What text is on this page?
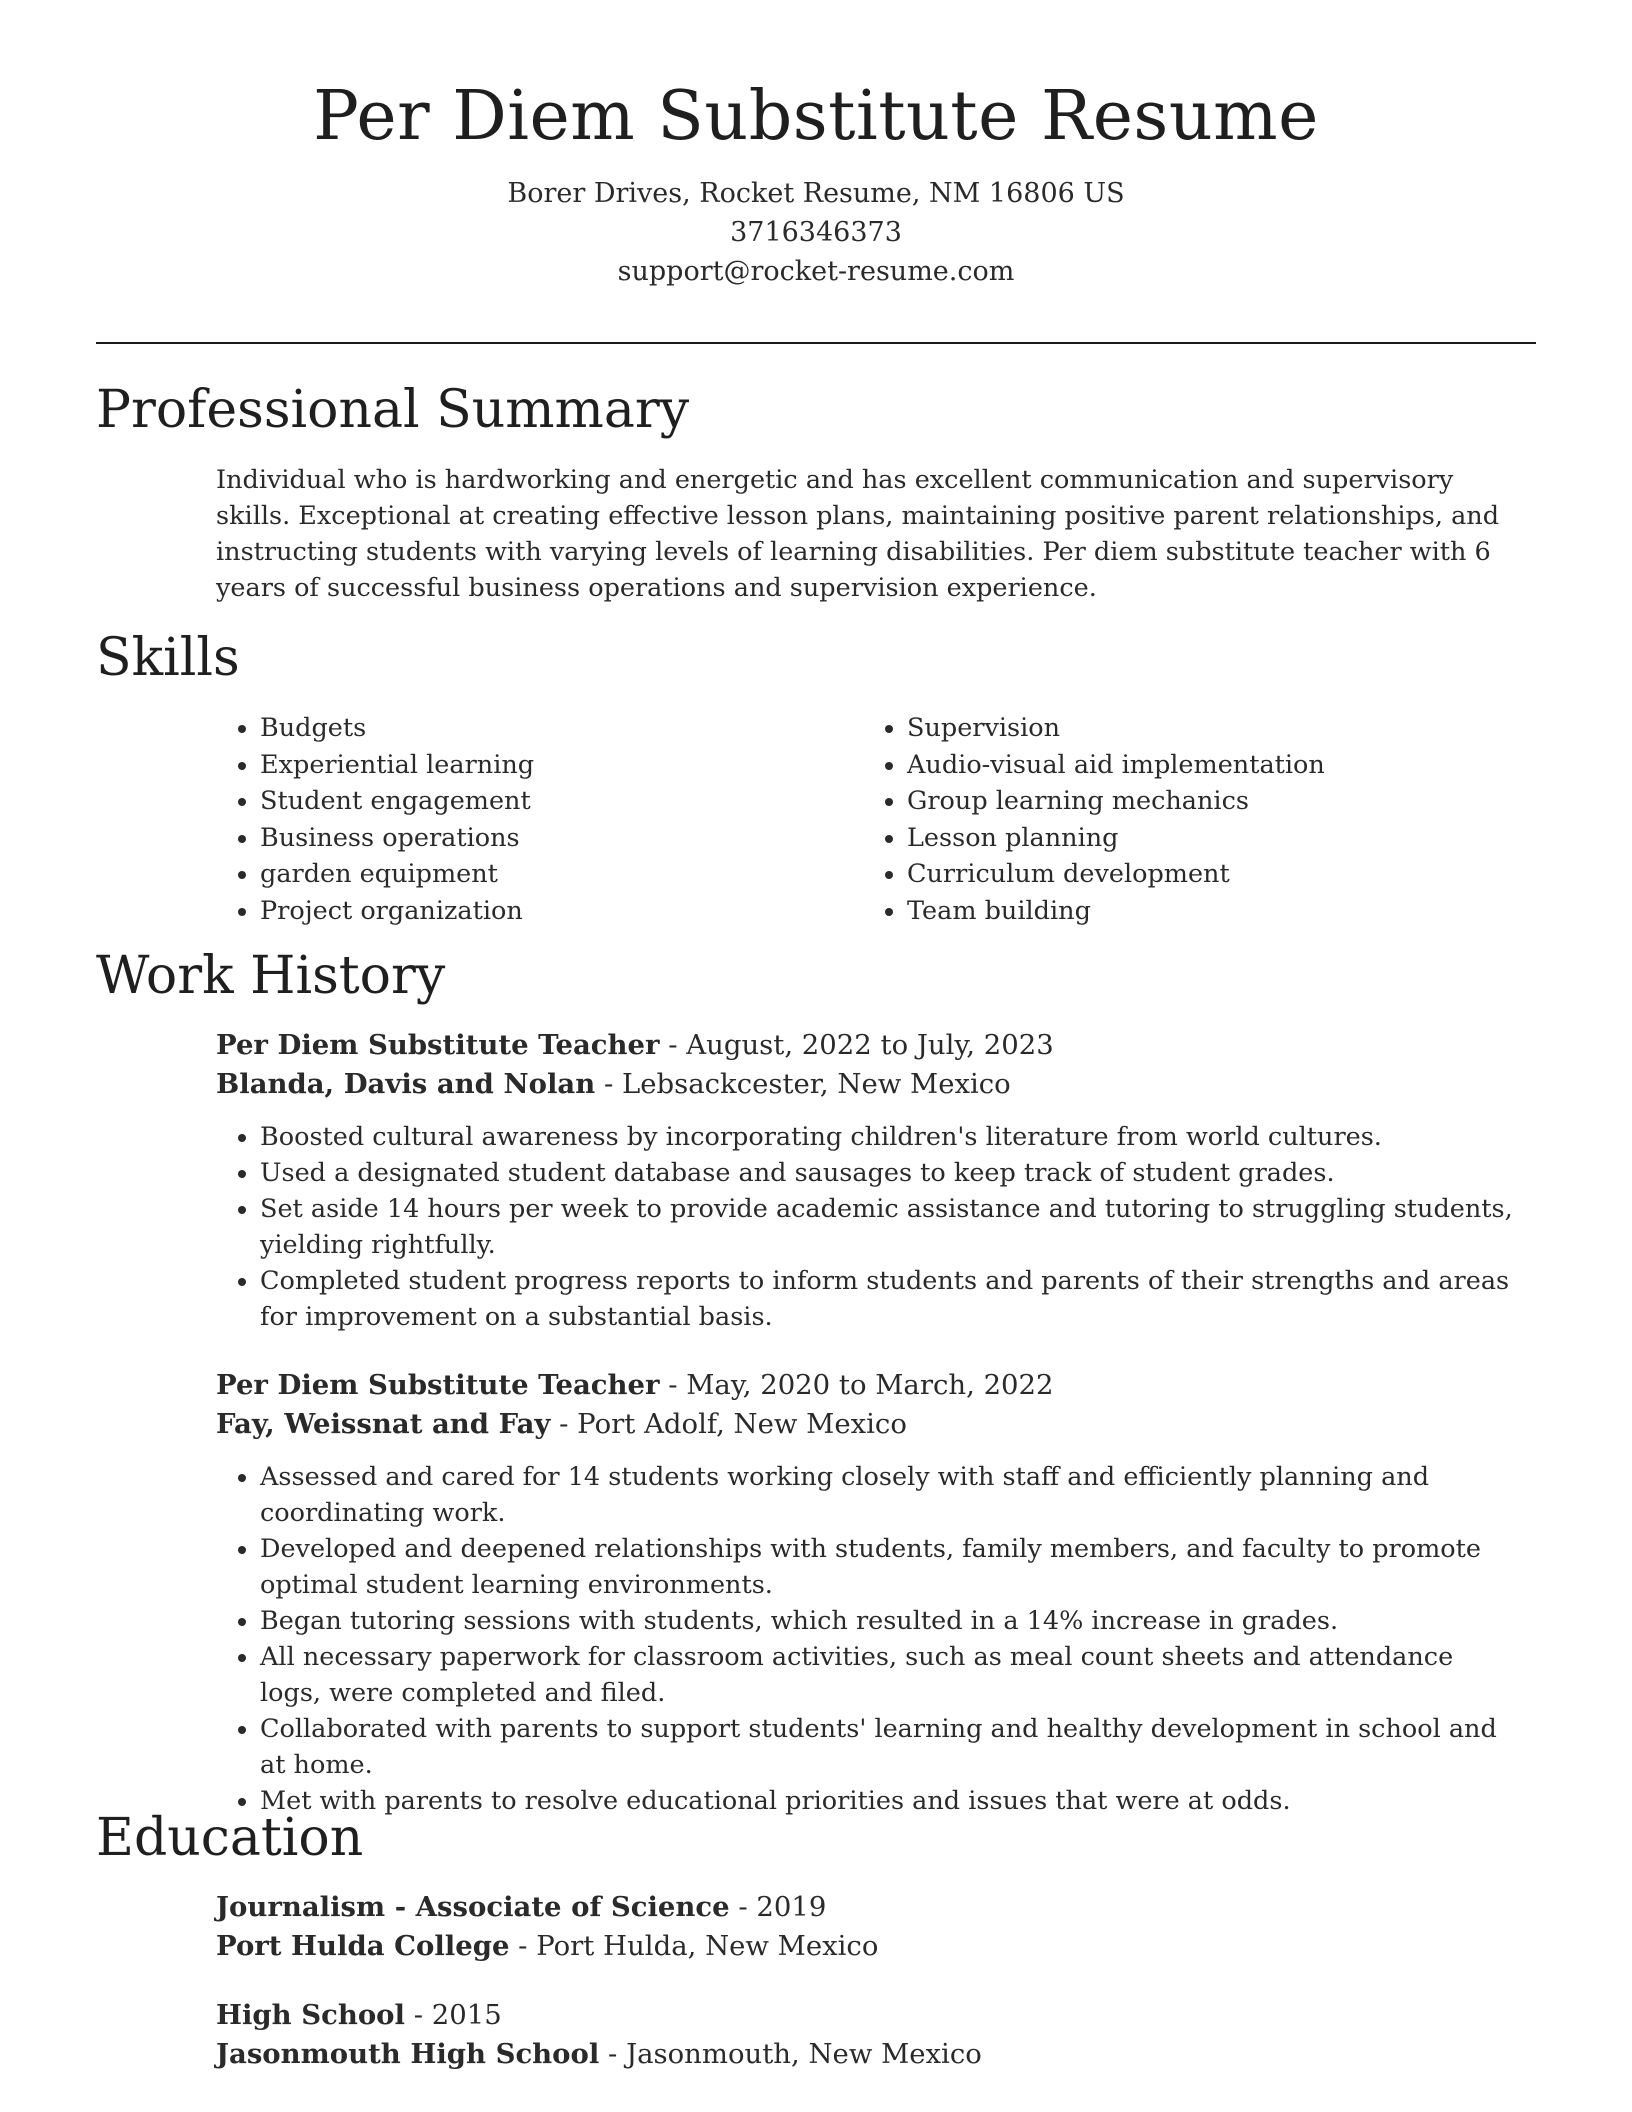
Per Diem Substitute Resume
Borer Drives, Rocket Resume, NM 16806 US
3716346373
support@rocket-resume.com
Professional Summary

Individual who is hardworking and energetic and has excellent communication and supervisory skills. Exceptional at creating effective lesson plans, maintaining positive parent relationships, and instructing students with varying levels of learning disabilities. Per diem substitute teacher with 6 years of successful business operations and supervision experience.

Skills
• Budgets
• Experiential learning
• Student engagement
• Business operations
• garden equipment
• Project organization
• Supervision
• Audio-visual aid implementation
• Group learning mechanics
• Lesson planning
• Curriculum development
• Team building
Work History
Per Diem Substitute Teacher - August, 2022 to July, 2023
Blanda, Davis and Nolan - Lebsackcester, New Mexico
• Boosted cultural awareness by incorporating children's literature from world cultures.
• Used a designated student database and sausages to keep track of student grades.
• Set aside 14 hours per week to provide academic assistance and tutoring to struggling students, yielding rightfully.
• Completed student progress reports to inform students and parents of their strengths and areas for improvement on a substantial basis.
Per Diem Substitute Teacher - May, 2020 to March, 2022
Fay, Weissnat and Fay - Port Adolf, New Mexico
• Assessed and cared for 14 students working closely with staff and efficiently planning and coordinating work.
• Developed and deepened relationships with students, family members, and faculty to promote optimal student learning environments.
• Began tutoring sessions with students, which resulted in a 14% increase in grades.
• All necessary paperwork for classroom activities, such as meal count sheets and attendance logs, were completed and filed.
• Collaborated with parents to support students' learning and healthy development in school and at home.
• Met with parents to resolve educational priorities and issues that were at odds.
Education
Journalism - Associate of Science - 2019
Port Hulda College - Port Hulda, New Mexico
High School - 2015
Jasonmouth High School - Jasonmouth, New Mexico
